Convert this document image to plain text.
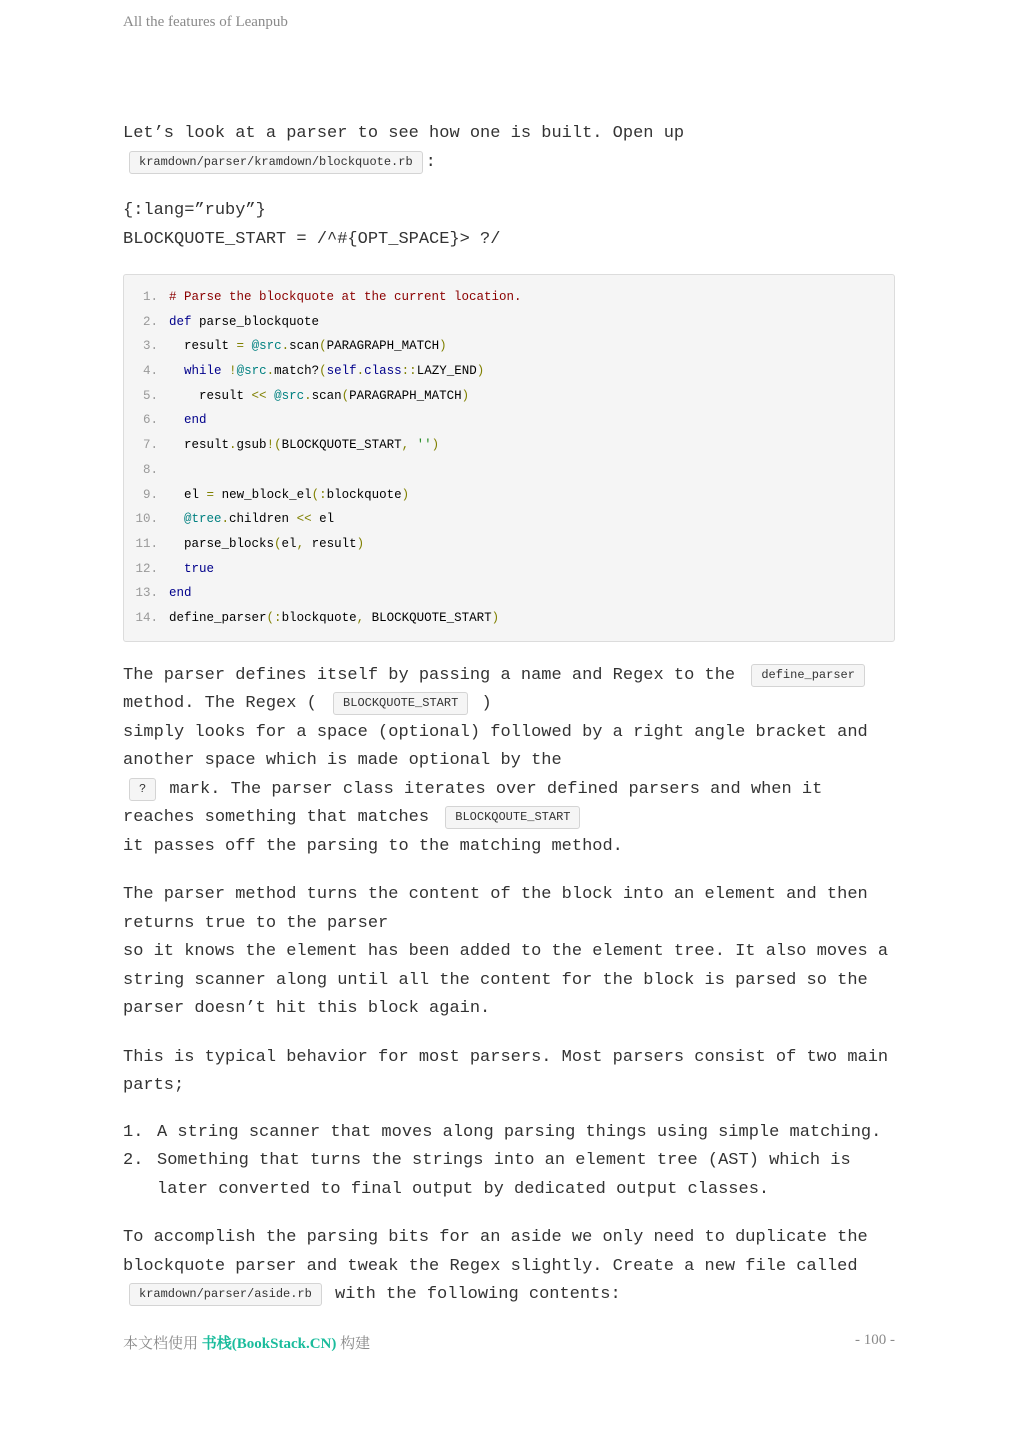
All the features of Leanpub

Let’s look at a parser to see how one is built. Open up
kramdown/parser/kramdown/blockquote.rb :

{:lang=”ruby”}
BLOCKQUOTE_START = /^#{OPT_SPACE}> ?/

1. # Parse the blockquote at the current location.
2. def parse_blockquote
3. result = @src.scan(PARAGRAPH_MATCH)
4. while !@src.match?(self.class::LAZY_END)
5.	result << @src.scan(PARAGRAPH_MATCH)
6. end
7. result.gsub!(BLOCKQUOTE_START, '')
8.
9. el = new_block_el(:blockquote)
10. @tree.children << el
11. parse_blocks(el, result)
12. true
13. end
14. define_parser(:blockquote, BLOCKQUOTE_START)

The parser defines itself by passing a name and Regex to the define_parser
method. The Regex ( BLOCKQUOTE_START )
simply looks for a space (optional) followed by a right angle bracket and another space which is made optional by the
? mark. The parser class iterates over defined parsers and when it reaches something that matches BLOCKQOUTE_START
it passes off the parsing to the matching method.

The parser method turns the content of the block into an element and then returns true to the parser
so it knows the element has been added to the element tree. It also moves a string scanner along until all the content for the block is parsed so the parser doesn’t hit this block again.

This is typical behavior for most parsers. Most parsers consist of two main parts;

1. A string scanner that moves along parsing things using simple matching.
2. Something that turns the strings into an element tree (AST) which is later converted to final output by dedicated output classes.

To accomplish the parsing bits for an aside we only need to duplicate the blockquote parser and tweak the Regex slightly. Create a new file called
kramdown/parser/aside.rb with the following contents:

本文档使用 书栈(BookStack.CN) 构建	- 100 -
